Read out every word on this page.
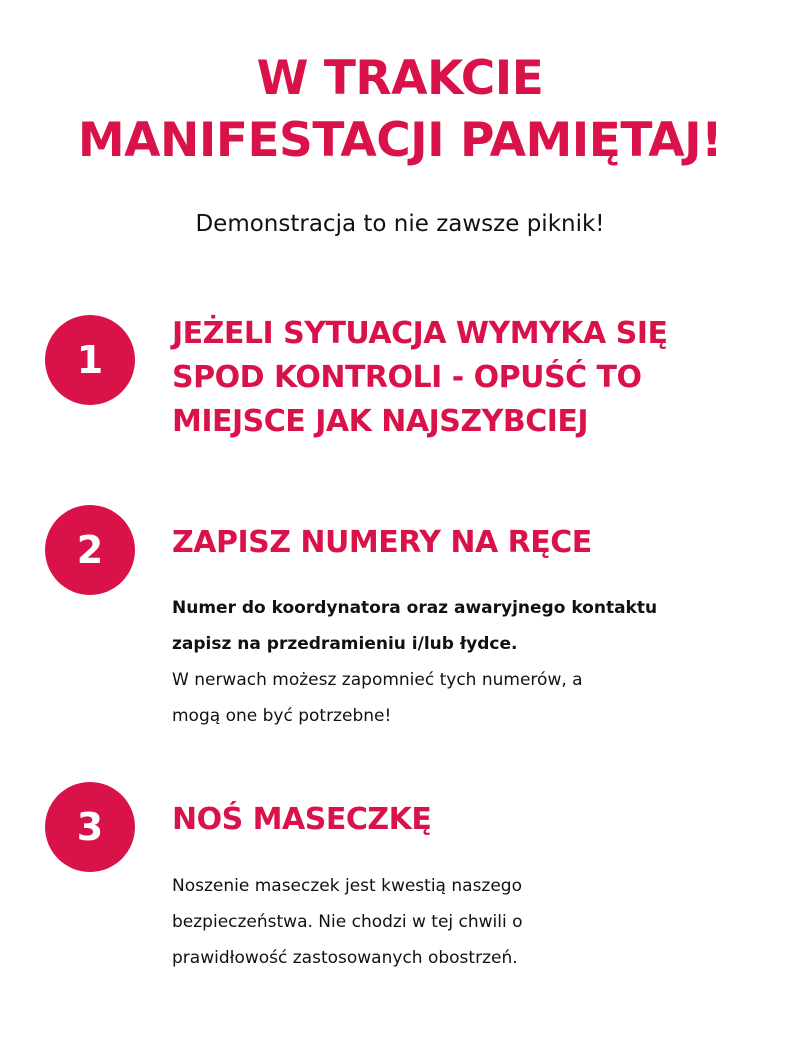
W TRAKCIE
MANIFESTACJI PAMIĘTAJ!
Demonstracja to nie zawsze piknik!
1
JEŻELI SYTUACJA WYMYKA SIĘ
SPOD KONTROLI - OPUŚĆ TO
MIEJSCE JAK NAJSZYBCIEJ
2	ZAPISZ NUMERY NA RĘCE
Numer do koordynatora oraz awaryjnego kontaktu
zapisz na przedramieniu i/lub łydce.
W nerwach możesz zapomnieć tych numerów, a
mogą one być potrzebne!
3	NOŚ MASECZKĘ
Noszenie maseczek jest kwestią naszego
bezpieczeństwa. Nie chodzi w tej chwili o
prawidłowość zastosowanych obostrzeń.
